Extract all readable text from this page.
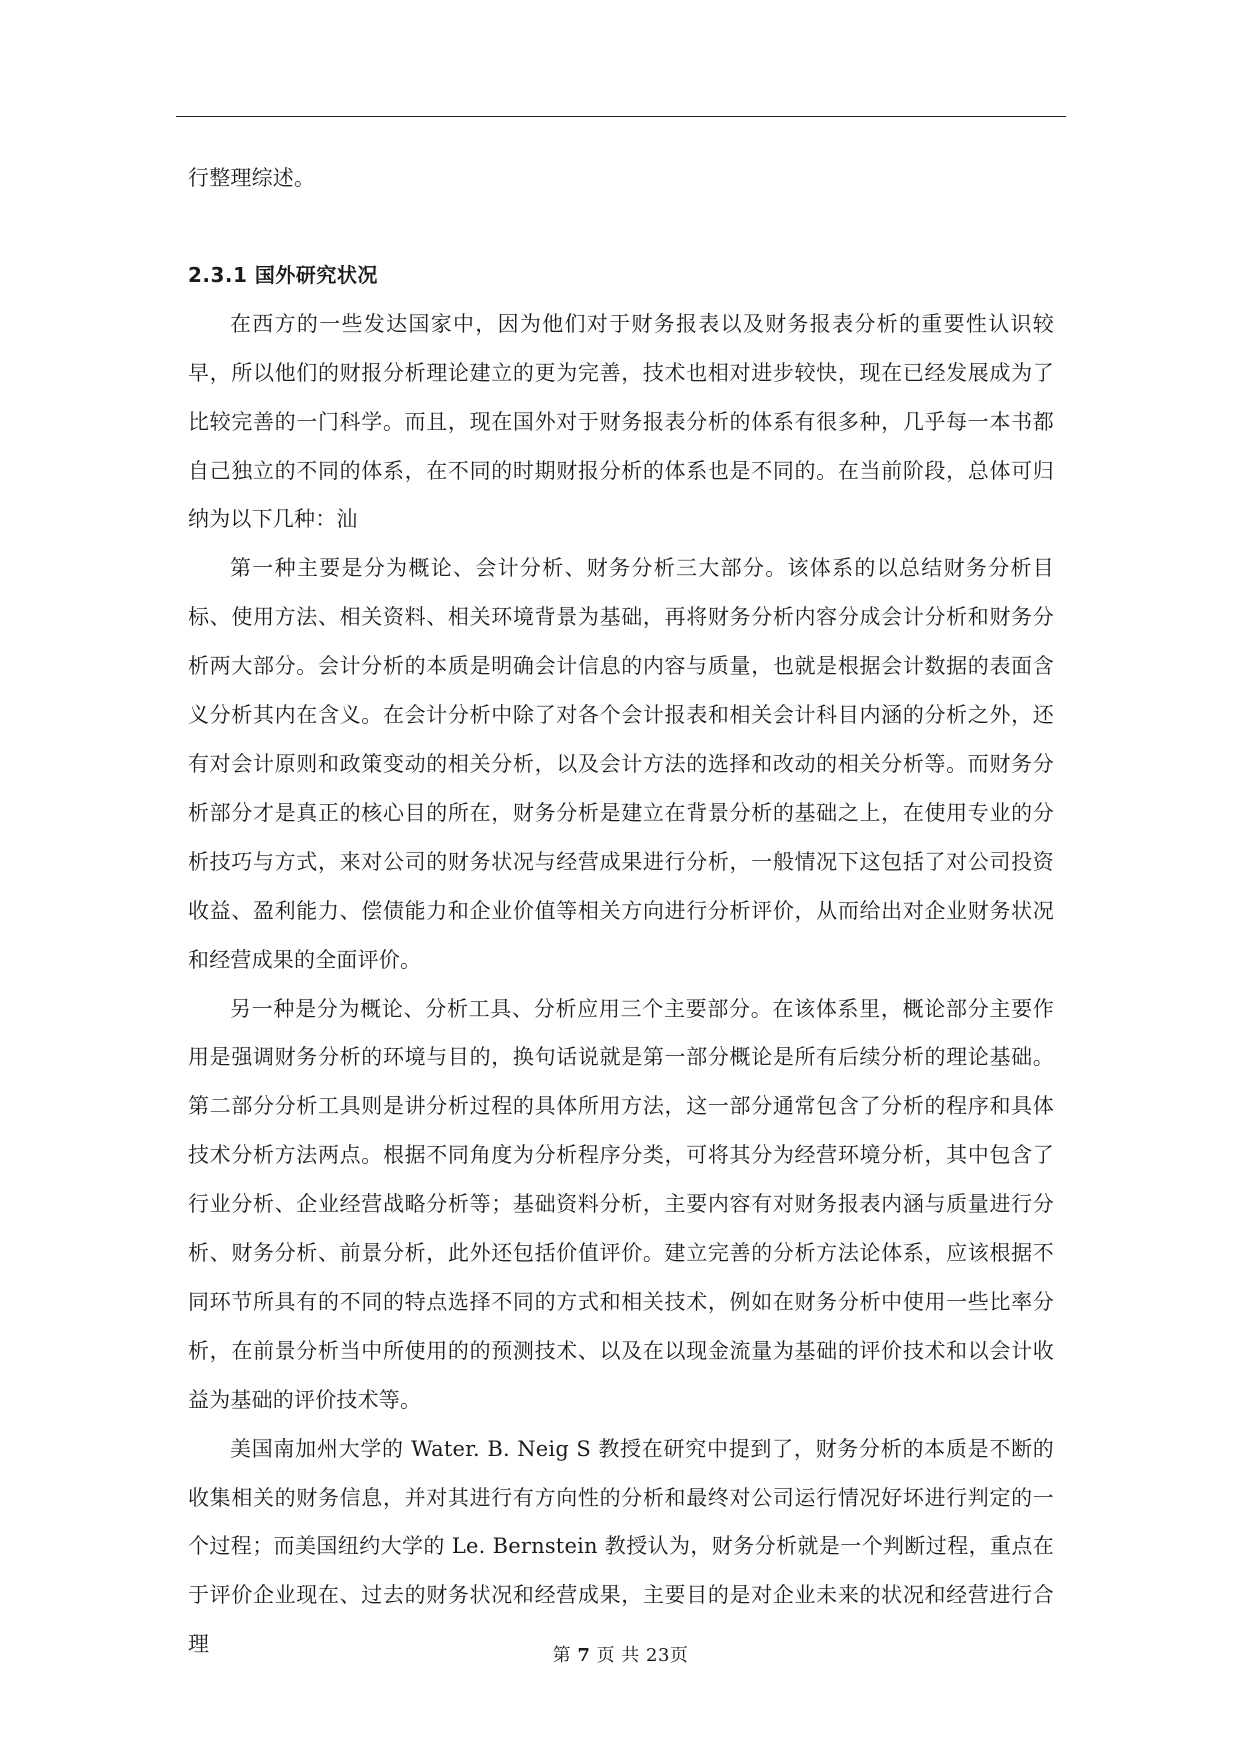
行整理综述。

2.3.1 国外研究状况

在西方的一些发达国家中，因为他们对于财务报表以及财务报表分析的重要性认识较早，所以他们的财报分析理论建立的更为完善，技术也相对进步较快，现在已经发展成为了比较完善的一门科学。而且，现在国外对于财务报表分析的体系有很多种，几乎每一本书都自己独立的不同的体系，在不同的时期财报分析的体系也是不同的。在当前阶段，总体可归纳为以下几种：汕

第一种主要是分为概论、会计分析、财务分析三大部分。该体系的以总结财务分析目标、使用方法、相关资料、相关环境背景为基础，再将财务分析内容分成会计分析和财务分析两大部分。会计分析的本质是明确会计信息的内容与质量，也就是根据会计数据的表面含义分析其内在含义。在会计分析中除了对各个会计报表和相关会计科目内涵的分析之外，还有对会计原则和政策变动的相关分析，以及会计方法的选择和改动的相关分析等。而财务分析部分才是真正的核心目的所在，财务分析是建立在背景分析的基础之上，在使用专业的分析技巧与方式，来对公司的财务状况与经营成果进行分析，一般情况下这包括了对公司投资收益、盈利能力、偿债能力和企业价值等相关方向进行分析评价，从而给出对企业财务状况和经营成果的全面评价。

另一种是分为概论、分析工具、分析应用三个主要部分。在该体系里，概论部分主要作用是强调财务分析的环境与目的，换句话说就是第一部分概论是所有后续分析的理论基础。第二部分分析工具则是讲分析过程的具体所用方法，这一部分通常包含了分析的程序和具体技术分析方法两点。根据不同角度为分析程序分类，可将其分为经营环境分析，其中包含了行业分析、企业经营战略分析等；基础资料分析，主要内容有对财务报表内涵与质量进行分析、财务分析、前景分析，此外还包括价值评价。建立完善的分析方法论体系，应该根据不同环节所具有的不同的特点选择不同的方式和相关技术，例如在财务分析中使用一些比率分析，在前景分析当中所使用的的预测技术、以及在以现金流量为基础的评价技术和以会计收益为基础的评价技术等。

美国南加州大学的 Water. B. Neig S 教授在研究中提到了，财务分析的本质是不断的收集相关的财务信息，并对其进行有方向性的分析和最终对公司运行情况好坏进行判定的一个过程；而美国纽约大学的 Le. Bernstein 教授认为，财务分析就是一个判断过程，重点在于评价企业现在、过去的财务状况和经营成果，主要目的是对企业未来的状况和经营进行合理	第 7 页 共 23页
